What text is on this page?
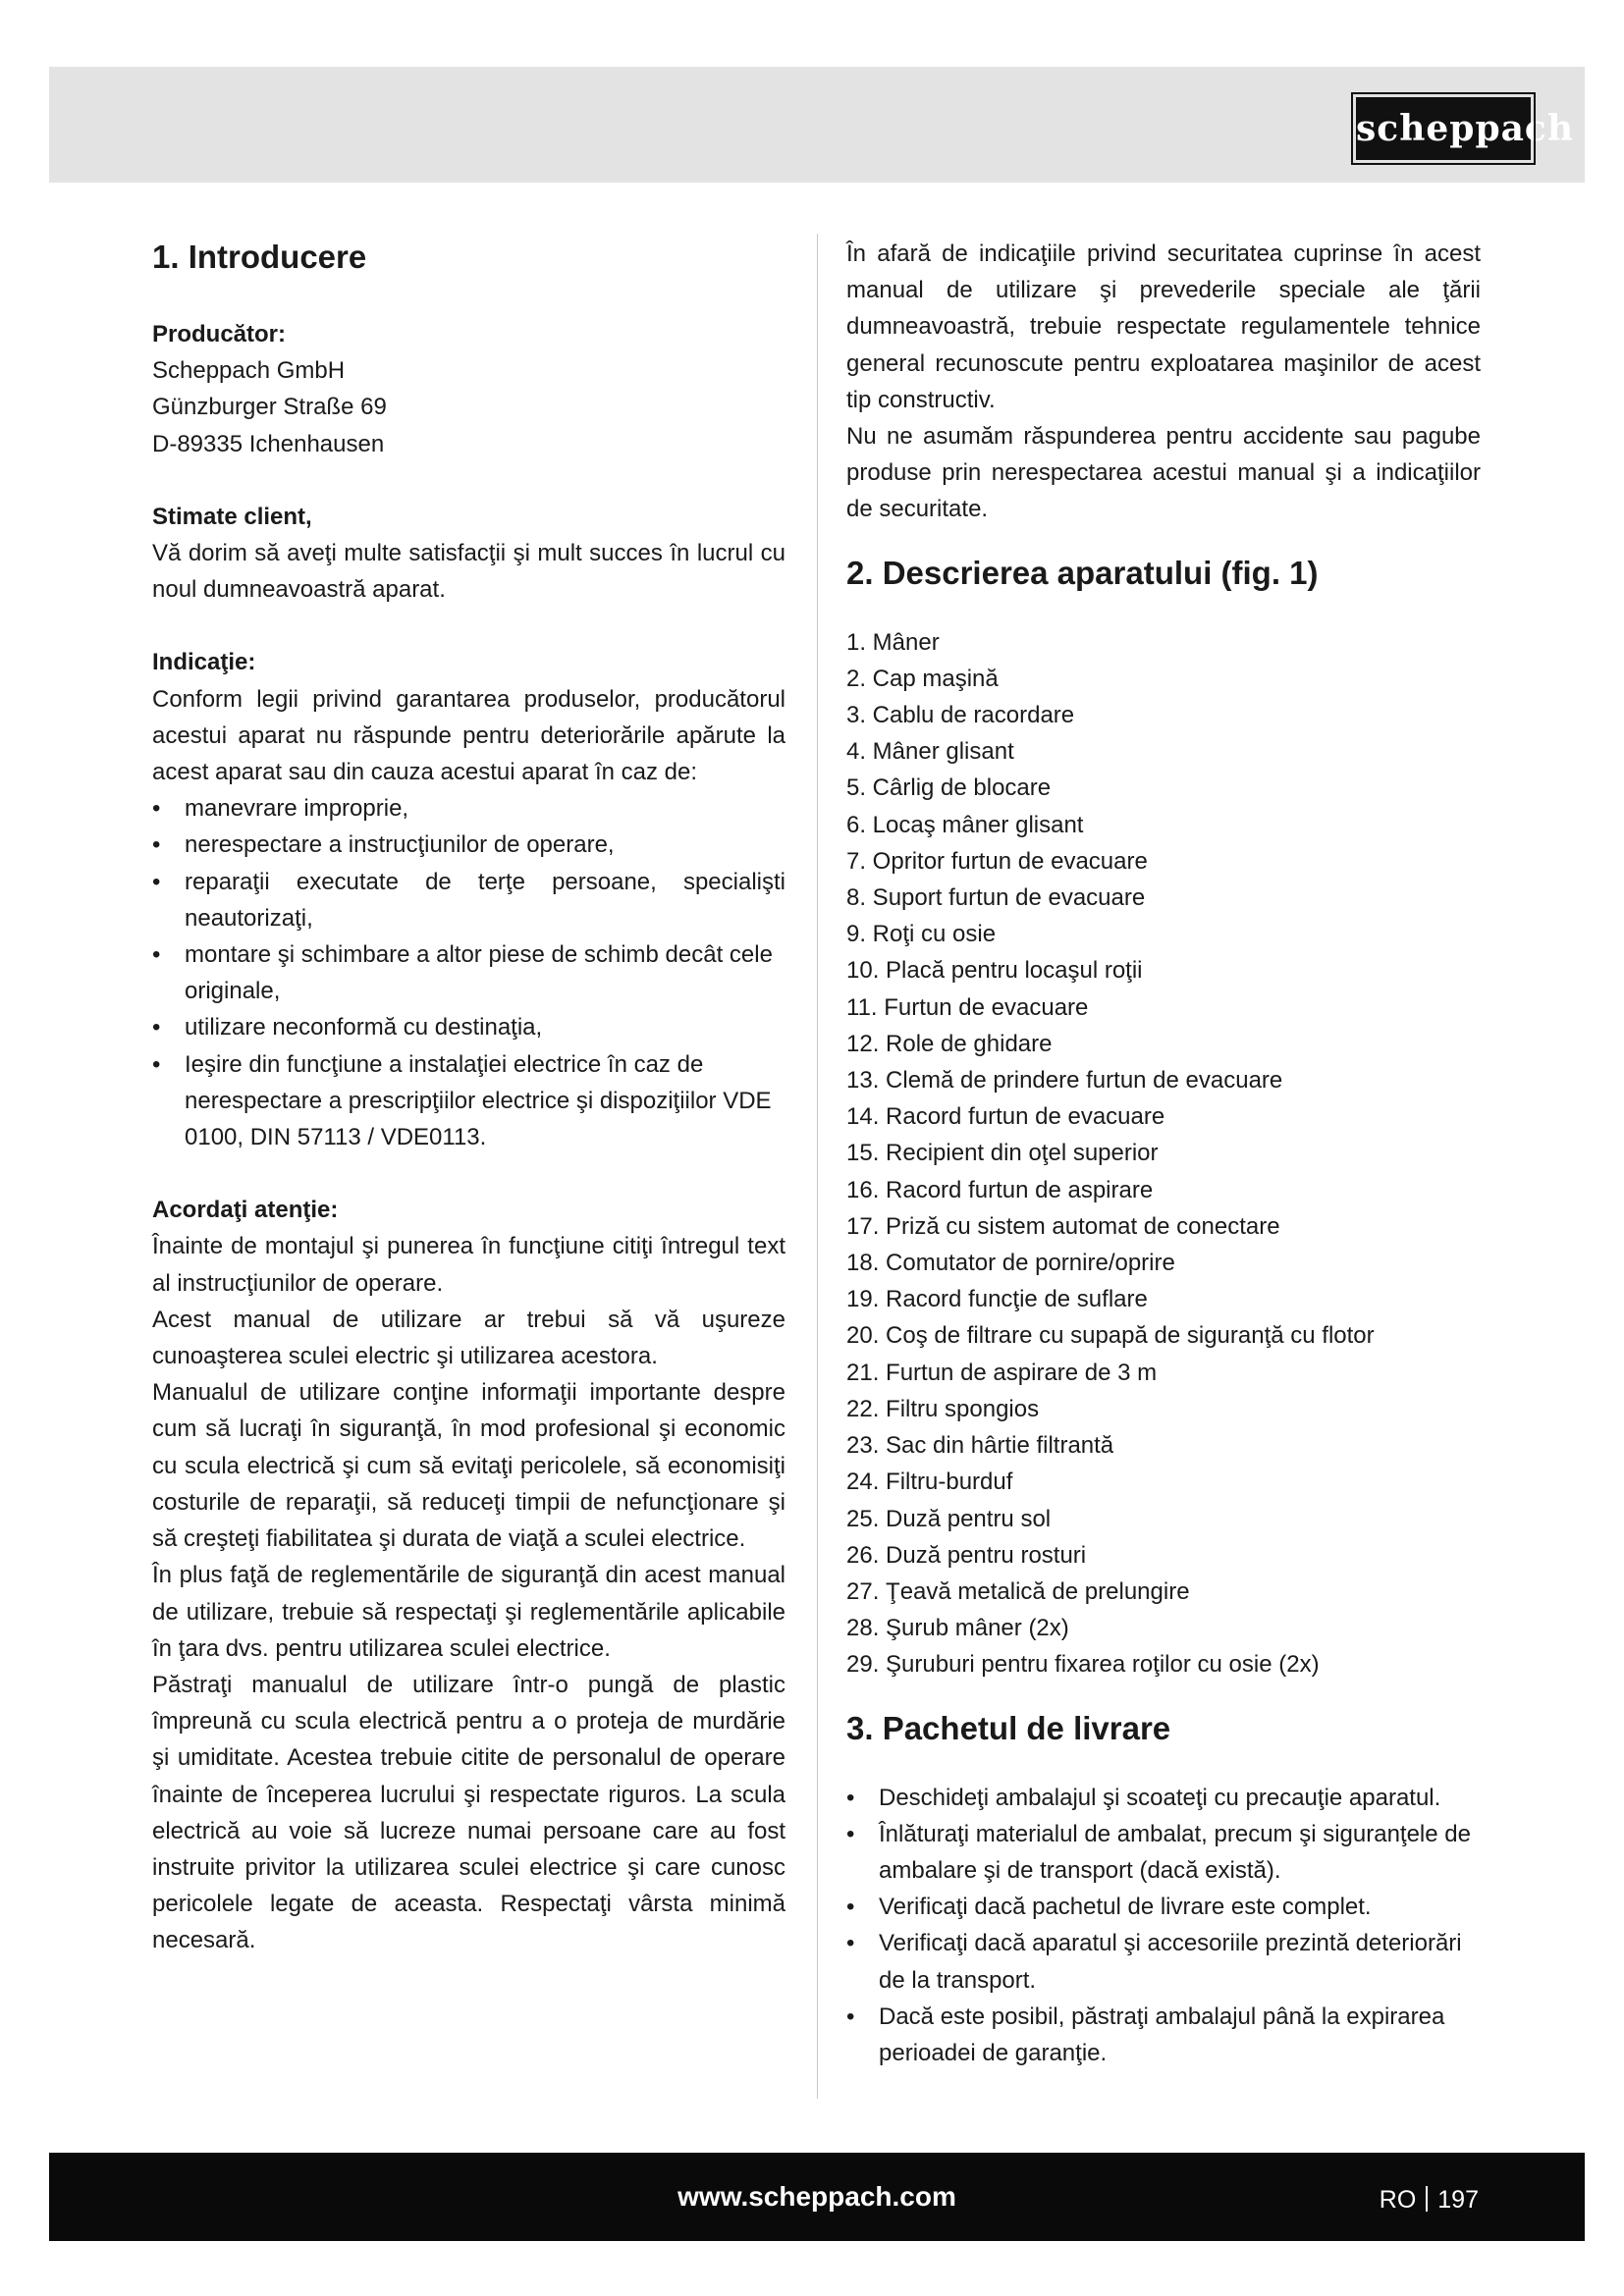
scheppach
1. Introducere

Producător:

Scheppach GmbH

Günzburger Straße 69

D-89335 Ichenhausen

Stimate client,

Vă dorim să aveţi multe satisfacţii şi mult succes în lucrul cu noul dumneavoastră aparat.

Indicaţie:

Conform legii privind garantarea produselor, producătorul acestui aparat nu răspunde pentru deteriorările apărute la acest aparat sau din cauza acestui aparat în caz de:

• manevrare improprie,
• nerespectare a instrucţiunilor de operare,
• reparaţii executate de terţe persoane, specialişti neautorizaţi,
• montare şi schimbare a altor piese de schimb decât cele originale,
• utilizare neconformă cu destinaţia,
• Ieşire din funcţiune a instalaţiei electrice în caz de nerespectare a prescripţiilor electrice şi dispoziţiilor VDE 0100, DIN 57113 / VDE0113.

Acordaţi atenţie:

Înainte de montajul şi punerea în funcţiune citiţi întregul text al instrucţiunilor de operare.

Acest manual de utilizare ar trebui să vă uşureze cunoaşterea sculei electric şi utilizarea acestora.

Manualul de utilizare conţine informaţii importante despre cum să lucraţi în siguranţă, în mod profesional şi economic cu scula electrică şi cum să evitaţi pericolele, să economisiţi costurile de reparaţii, să reduceţi timpii de nefuncţionare şi să creşteţi fiabilitatea şi durata de viaţă a sculei electrice.

În plus faţă de reglementările de siguranţă din acest manual de utilizare, trebuie să respectaţi şi reglementările aplicabile în ţara dvs. pentru utilizarea sculei electrice.

Păstraţi manualul de utilizare într-o pungă de plastic împreună cu scula electrică pentru a o proteja de murdărie şi umiditate. Acestea trebuie citite de personalul de operare înainte de începerea lucrului şi respectate riguros. La scula electrică au voie să lucreze numai persoane care au fost instruite privitor la utilizarea sculei electrice şi care cunosc pericolele legate de aceasta. Respectaţi vârsta minimă necesară.

În afară de indicaţiile privind securitatea cuprinse în acest manual de utilizare şi prevederile speciale ale ţării dumneavoastră, trebuie respectate regulamentele tehnice general recunoscute pentru exploatarea maşinilor de acest tip constructiv.

Nu ne asumăm răspunderea pentru accidente sau pagube produse prin nerespectarea acestui manual şi a indicaţiilor de securitate.

2. Descrierea aparatului (fig. 1)
1. Mâner
2. Cap maşină
3. Cablu de racordare
4. Mâner glisant
5. Cârlig de blocare
6. Locaş mâner glisant
7. Opritor furtun de evacuare
8. Suport furtun de evacuare
9. Roţi cu osie
10. Placă pentru locaşul roţii
11. Furtun de evacuare
12. Role de ghidare
13. Clemă de prindere furtun de evacuare
14. Racord furtun de evacuare
15. Recipient din oţel superior
16. Racord furtun de aspirare
17. Priză cu sistem automat de conectare
18. Comutator de pornire/oprire
19. Racord funcţie de suflare
20. Coş de filtrare cu supapă de siguranţă cu flotor
21. Furtun de aspirare de 3 m
22. Filtru spongios
23. Sac din hârtie filtrantă
24. Filtru-burduf
25. Duză pentru sol
26. Duză pentru rosturi
27. Ţeavă metalică de prelungire
28. Şurub mâner (2x)
29. Şuruburi pentru fixarea roţilor cu osie (2x)
3. Pachetul de livrare
• Deschideţi ambalajul şi scoateţi cu precauţie aparatul.
• Înlăturaţi materialul de ambalat, precum şi siguranţele de ambalare şi de transport (dacă există).
• Verificaţi dacă pachetul de livrare este complet.
• Verificaţi dacă aparatul şi accesoriile prezintă deteriorări de la transport.
• Dacă este posibil, păstraţi ambalajul până la expirarea perioadei de garanţie.
www.scheppach.com	RO 197
